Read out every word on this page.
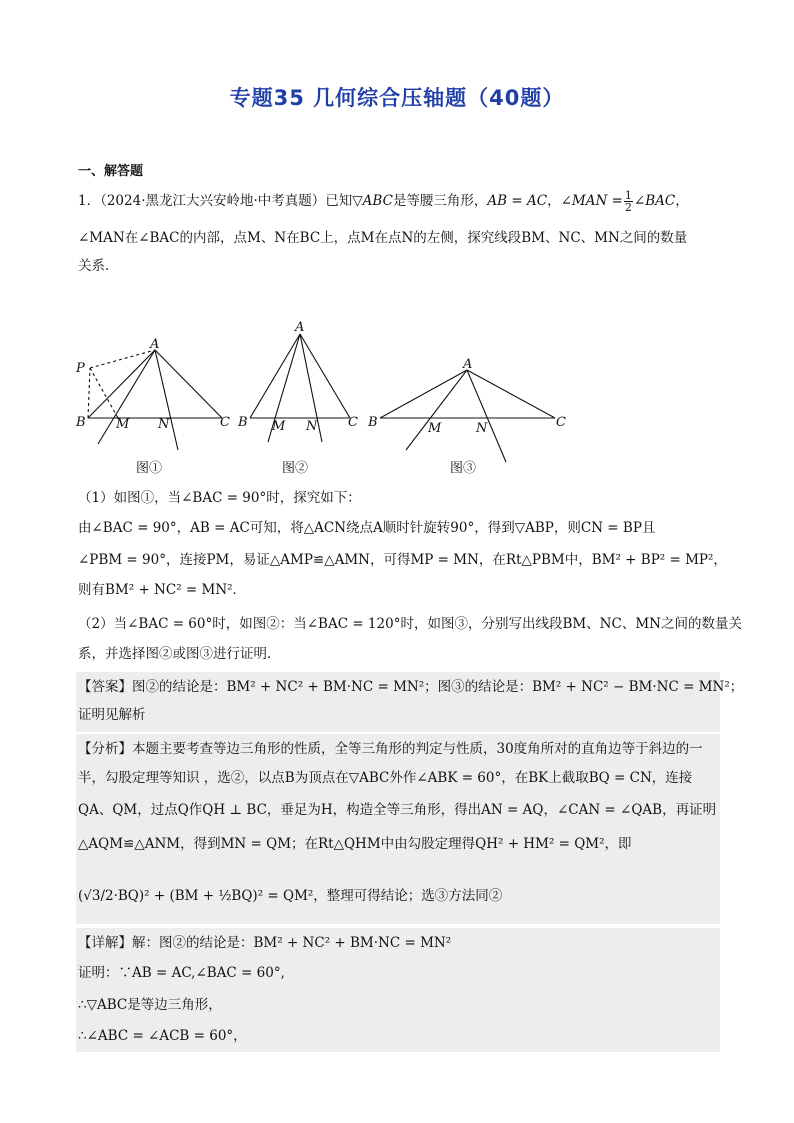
专题35 几何综合压轴题（40题）
一、解答题
1．（2024·黑龙江大兴安岭地·中考真题）已知▽ABC是等腰三角形，AB = AC，∠MAN = $\frac{1}{2}$ ∠BAC，
∠MAN在∠BAC的内部，点M、N在BC上，点M在点N的左侧，探究线段BM、NC、MN之间的数量
关系．
A
P
B M N	C
A
B M N C
A
B	M	N	C
图①	图②	图③
（1）如图①，当∠BAC = 90°时，探究如下：
由∠BAC = 90°，AB = AC可知，将△ACN绕点A顺时针旋转90°，得到▽ABP，则CN = BP且
∠PBM = 90°，连接PM，易证△AMP≌△AMN，可得MP = MN，在Rt△PBM中，BM² + BP² = MP²，
则有BM² + NC² = MN²．
（2）当∠BAC = 60°时，如图②：当∠BAC = 120°时，如图③，分别写出线段BM、NC、MN之间的数量关
系，并选择图②或图③进行证明．
【答案】图②的结论是：BM² + NC² + BM·NC = MN²；图③的结论是：BM² + NC² − BM·NC = MN²；
证明见解析
【分析】本题主要考查等边三角形的性质，全等三角形的判定与性质，30度角所对的直角边等于斜边的一
半，勾股定理等知识 ，选②，以点B为顶点在▽ABC外作∠ABK = 60°，在BK上截取BQ = CN，连接
QA、QM，过点Q作QH ⊥ BC，垂足为H，构造全等三角形，得出AN = AQ，∠CAN = ∠QAB，再证明
△AQM≌△ANM，得到MN = QM；在Rt△QHM中由勾股定理得QH² + HM² = QM²，即
(√3/2·BQ)² + (BM + ½BQ)² = QM²，整理可得结论；选③方法同②
【详解】解：图②的结论是：BM² + NC² + BM·NC = MN²
证明：∵AB = AC,∠BAC = 60°,
∴▽ABC是等边三角形，
∴∠ABC = ∠ACB = 60°，
